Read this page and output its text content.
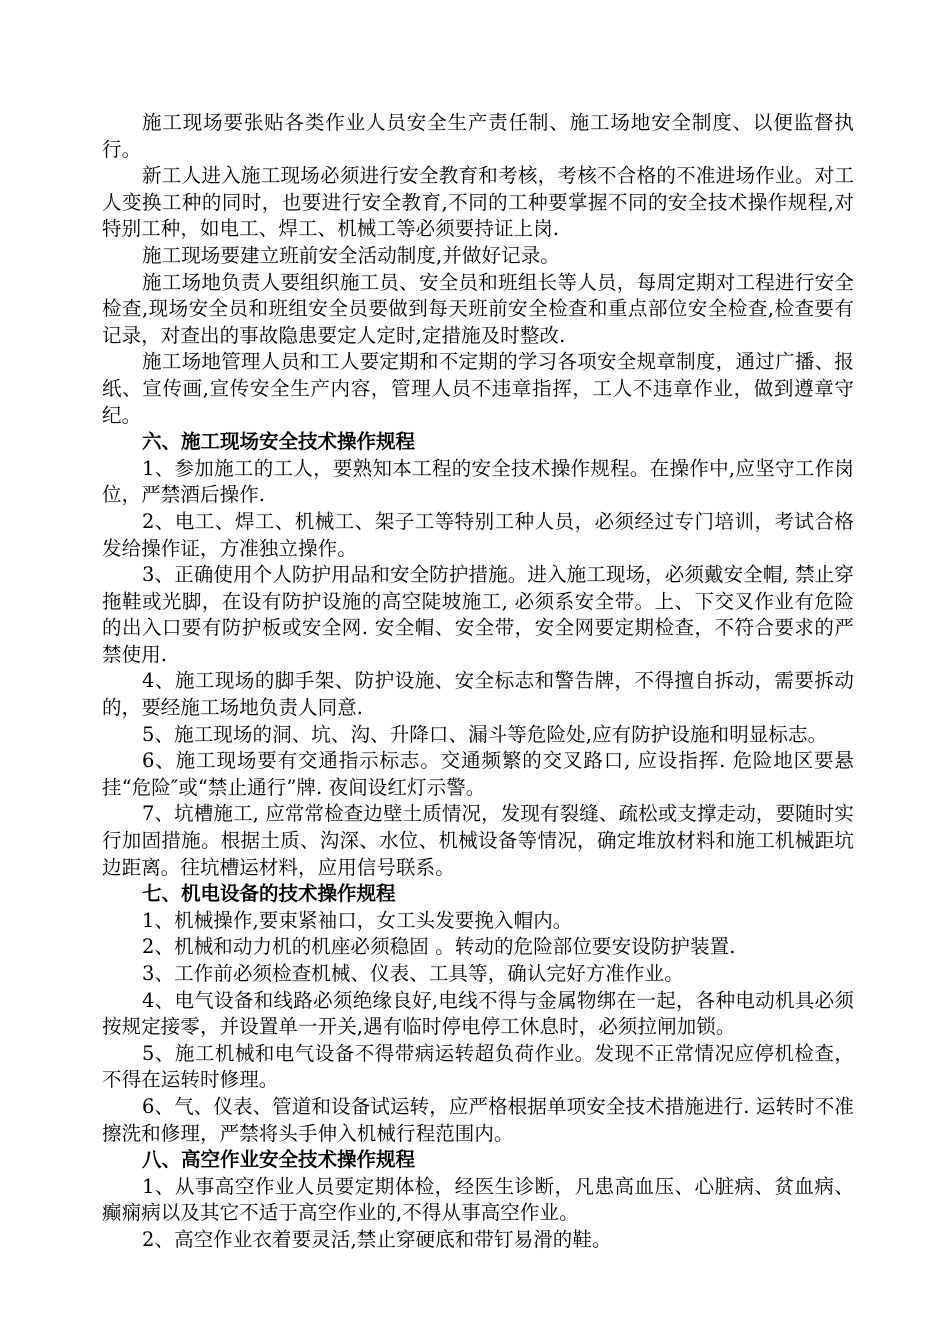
施工现场要张贴各类作业人员安全生产责任制、施工场地安全制度、以便监督执行。

新工人进入施工现场必须进行安全教育和考核，考核不合格的不准进场作业。对工人变换工种的同时，也要进行安全教育,不同的工种要掌握不同的安全技术操作规程,对特别工种，如电工、焊工、机械工等必须要持证上岗.

施工现场要建立班前安全活动制度,并做好记录。

施工场地负责人要组织施工员、安全员和班组长等人员，每周定期对工程进行安全检查,现场安全员和班组安全员要做到每天班前安全检查和重点部位安全检查,检查要有记录，对查出的事故隐患要定人定时,定措施及时整改.

施工场地管理人员和工人要定期和不定期的学习各项安全规章制度，通过广播、报纸、宣传画,宣传安全生产内容，管理人员不违章指挥，工人不违章作业，做到遵章守纪。

六、施工现场安全技术操作规程

1、参加施工的工人，要熟知本工程的安全技术操作规程。在操作中,应坚守工作岗位，严禁酒后操作.

2、电工、焊工、机械工、架子工等特别工种人员，必须经过专门培训，考试合格发给操作证，方准独立操作。

3、正确使用个人防护用品和安全防护措施。进入施工现场，必须戴安全帽, 禁止穿拖鞋或光脚，在设有防护设施的高空陡坡施工, 必须系安全带。上、下交叉作业有危险的出入口要有防护板或安全网. 安全帽、安全带，安全网要定期检查，不符合要求的严禁使用.

4、施工现场的脚手架、防护设施、安全标志和警告牌，不得擅自拆动，需要拆动的，要经施工场地负责人同意.

5、施工现场的洞、坑、沟、升降口、漏斗等危险处,应有防护设施和明显标志。

6、施工现场要有交通指示标志。交通频繁的交叉路口, 应设指挥. 危险地区要悬挂“危险″或“禁止通行”牌. 夜间设红灯示警。

7、坑槽施工, 应常常检查边壁土质情况，发现有裂缝、疏松或支撑走动，要随时实行加固措施。根据土质、沟深、水位、机械设备等情况，确定堆放材料和施工机械距坑边距离。往坑槽运材料，应用信号联系。

七、机电设备的技术操作规程

1、机械操作,要束紧袖口，女工头发要挽入帽内。

2、机械和动力机的机座必须稳固 。转动的危险部位要安设防护装置.

3、工作前必须检查机械、仪表、工具等，确认完好方准作业。

4、电气设备和线路必须绝缘良好,电线不得与金属物绑在一起，各种电动机具必须按规定接零，并设置单一开关,遇有临时停电停工休息时，必须拉闸加锁。

5、施工机械和电气设备不得带病运转超负荷作业。发现不正常情况应停机检查，不得在运转时修理。

6、气、仪表、管道和设备试运转，应严格根据单项安全技术措施进行. 运转时不准擦洗和修理，严禁将头手伸入机械行程范围内。

八、高空作业安全技术操作规程

1、从事高空作业人员要定期体检，经医生诊断，凡患高血压、心脏病、贫血病、癫痫病以及其它不适于高空作业的,不得从事高空作业。

2、高空作业衣着要灵活,禁止穿硬底和带钉易滑的鞋。
